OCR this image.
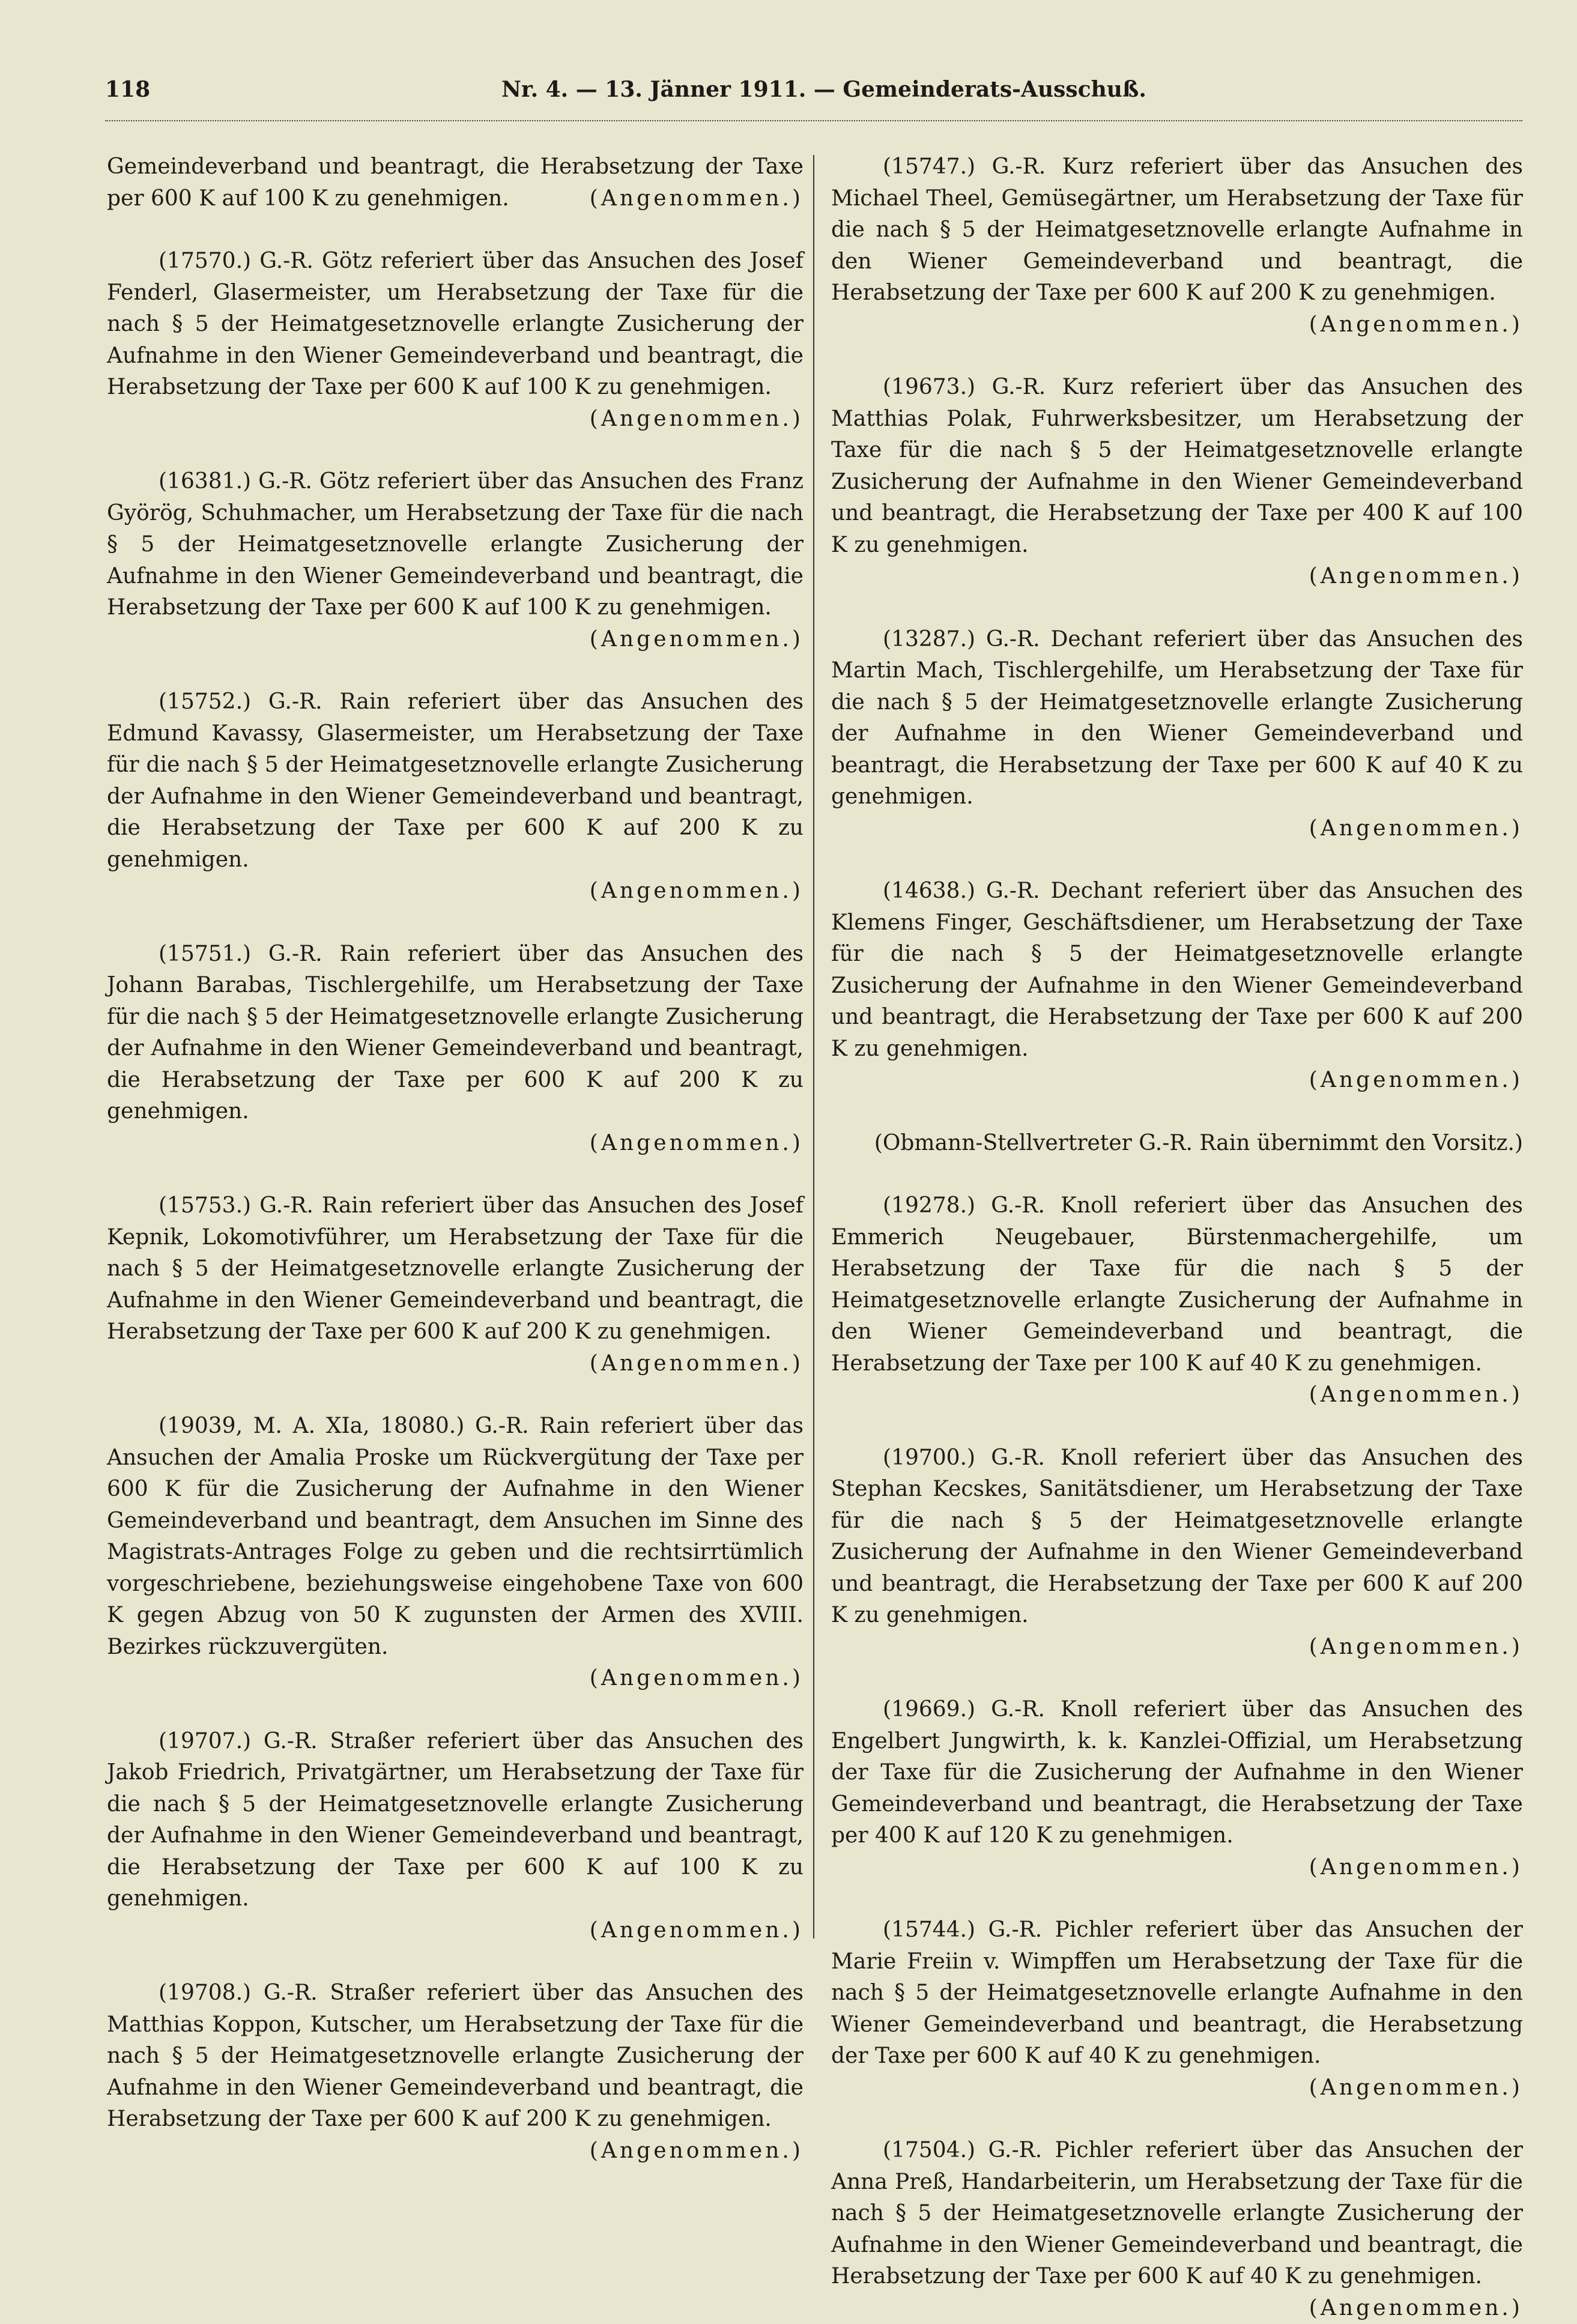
118	Nr. 4. — 13. Jänner 1911. — Gemeinderats-Ausschuß.
Gemeindeverband und beantragt, die Herabsetzung der Taxe per 600 K auf 100 K zu genehmigen.	(Angenommen.)
(17570.) G.-R. Götz referiert über das Ansuchen des Josef Fenderl, Glasermeister, um Herabsetzung der Taxe für die nach § 5 der Heimatgesetznovelle erlangte Zusicherung der Aufnahme in den Wiener Gemeindeverband und beantragt, die Herabsetzung der Taxe per 600 K auf 100 K zu genehmigen.
(Angenommen.)
(16381.) G.-R. Götz referiert über das Ansuchen des Franz Györög, Schuhmacher, um Herabsetzung der Taxe für die nach § 5 der Heimatgesetznovelle erlangte Zusicherung der Aufnahme in den Wiener Gemeindeverband und beantragt, die Herabsetzung der Taxe per 600 K auf 100 K zu genehmigen.
(Angenommen.)
(15752.) G.-R. Rain referiert über das Ansuchen des Edmund Kavassy, Glasermeister, um Herabsetzung der Taxe für die nach § 5 der Heimatgesetznovelle erlangte Zusicherung der Aufnahme in den Wiener Gemeindeverband und beantragt, die Herabsetzung der Taxe per 600 K auf 200 K zu genehmigen.
(Angenommen.)
(15751.) G.-R. Rain referiert über das Ansuchen des Johann Barabas, Tischlergehilfe, um Herabsetzung der Taxe für die nach § 5 der Heimatgesetznovelle erlangte Zusicherung der Aufnahme in den Wiener Gemeindeverband und beantragt, die Herabsetzung der Taxe per 600 K auf 200 K zu genehmigen.
(Angenommen.)
(15753.) G.-R. Rain referiert über das Ansuchen des Josef Kepnik, Lokomotivführer, um Herabsetzung der Taxe für die nach § 5 der Heimatgesetznovelle erlangte Zusicherung der Aufnahme in den Wiener Gemeindeverband und beantragt, die Herabsetzung der Taxe per 600 K auf 200 K zu genehmigen.
(Angenommen.)
(19039, M. A. XIa, 18080.) G.-R. Rain referiert über das Ansuchen der Amalia Proske um Rückvergütung der Taxe per 600 K für die Zusicherung der Aufnahme in den Wiener Gemeindeverband und beantragt, dem Ansuchen im Sinne des Magistrats-Antrages Folge zu geben und die rechtsirrtümlich vorgeschriebene, beziehungsweise eingehobene Taxe von 600 K gegen Abzug von 50 K zugunsten der Armen des XVIII. Bezirkes rückzuvergüten.
(Angenommen.)
(19707.) G.-R. Straßer referiert über das Ansuchen des Jakob Friedrich, Privatgärtner, um Herabsetzung der Taxe für die nach § 5 der Heimatgesetznovelle erlangte Zusicherung der Aufnahme in den Wiener Gemeindeverband und beantragt, die Herabsetzung der Taxe per 600 K auf 100 K zu genehmigen.
(Angenommen.)
(19708.) G.-R. Straßer referiert über das Ansuchen des Matthias Koppon, Kutscher, um Herabsetzung der Taxe für die nach § 5 der Heimatgesetznovelle erlangte Zusicherung der Aufnahme in den Wiener Gemeindeverband und beantragt, die Herabsetzung der Taxe per 600 K auf 200 K zu genehmigen.
(Angenommen.)
(15747.) G.-R. Kurz referiert über das Ansuchen des Michael Theel, Gemüsegärtner, um Herabsetzung der Taxe für die nach § 5 der Heimatgesetznovelle erlangte Aufnahme in den Wiener Gemeindeverband und beantragt, die Herabsetzung der Taxe per 600 K auf 200 K zu genehmigen.
(Angenommen.)
(19673.) G.-R. Kurz referiert über das Ansuchen des Matthias Polak, Fuhrwerksbesitzer, um Herabsetzung der Taxe für die nach § 5 der Heimatgesetznovelle erlangte Zusicherung der Aufnahme in den Wiener Gemeindeverband und beantragt, die Herabsetzung der Taxe per 400 K auf 100 K zu genehmigen.
(Angenommen.)
(13287.) G.-R. Dechant referiert über das Ansuchen des Martin Mach, Tischlergehilfe, um Herabsetzung der Taxe für die nach § 5 der Heimatgesetznovelle erlangte Zusicherung der Aufnahme in den Wiener Gemeindeverband und beantragt, die Herabsetzung der Taxe per 600 K auf 40 K zu genehmigen.
(Angenommen.)
(14638.) G.-R. Dechant referiert über das Ansuchen des Klemens Finger, Geschäftsdiener, um Herabsetzung der Taxe für die nach § 5 der Heimatgesetznovelle erlangte Zusicherung der Aufnahme in den Wiener Gemeindeverband und beantragt, die Herabsetzung der Taxe per 600 K auf 200 K zu genehmigen.
(Angenommen.)
(Obmann-Stellvertreter G.-R. Rain übernimmt den Vorsitz.)
(19278.) G.-R. Knoll referiert über das Ansuchen des Emmerich Neugebauer, Bürstenmachergehilfe, um Herabsetzung der Taxe für die nach § 5 der Heimatgesetznovelle erlangte Zusicherung der Aufnahme in den Wiener Gemeindeverband und beantragt, die Herabsetzung der Taxe per 100 K auf 40 K zu genehmigen.
(Angenommen.)
(19700.) G.-R. Knoll referiert über das Ansuchen des Stephan Kecskes, Sanitätsdiener, um Herabsetzung der Taxe für die nach § 5 der Heimatgesetznovelle erlangte Zusicherung der Aufnahme in den Wiener Gemeindeverband und beantragt, die Herabsetzung der Taxe per 600 K auf 200 K zu genehmigen.
(Angenommen.)
(19669.) G.-R. Knoll referiert über das Ansuchen des Engelbert Jungwirth, k. k. Kanzlei-Offizial, um Herabsetzung der Taxe für die Zusicherung der Aufnahme in den Wiener Gemeindeverband und beantragt, die Herabsetzung der Taxe per 400 K auf 120 K zu genehmigen.
(Angenommen.)
(15744.) G.-R. Pichler referiert über das Ansuchen der Marie Freiin v. Wimpffen um Herabsetzung der Taxe für die nach § 5 der Heimatgesetznovelle erlangte Aufnahme in den Wiener Gemeindeverband und beantragt, die Herabsetzung der Taxe per 600 K auf 40 K zu genehmigen.
(Angenommen.)
(17504.) G.-R. Pichler referiert über das Ansuchen der Anna Preß, Handarbeiterin, um Herabsetzung der Taxe für die nach § 5 der Heimatgesetznovelle erlangte Zusicherung der Aufnahme in den Wiener Gemeindeverband und beantragt, die Herabsetzung der Taxe per 600 K auf 40 K zu genehmigen.
(Angenommen.)
